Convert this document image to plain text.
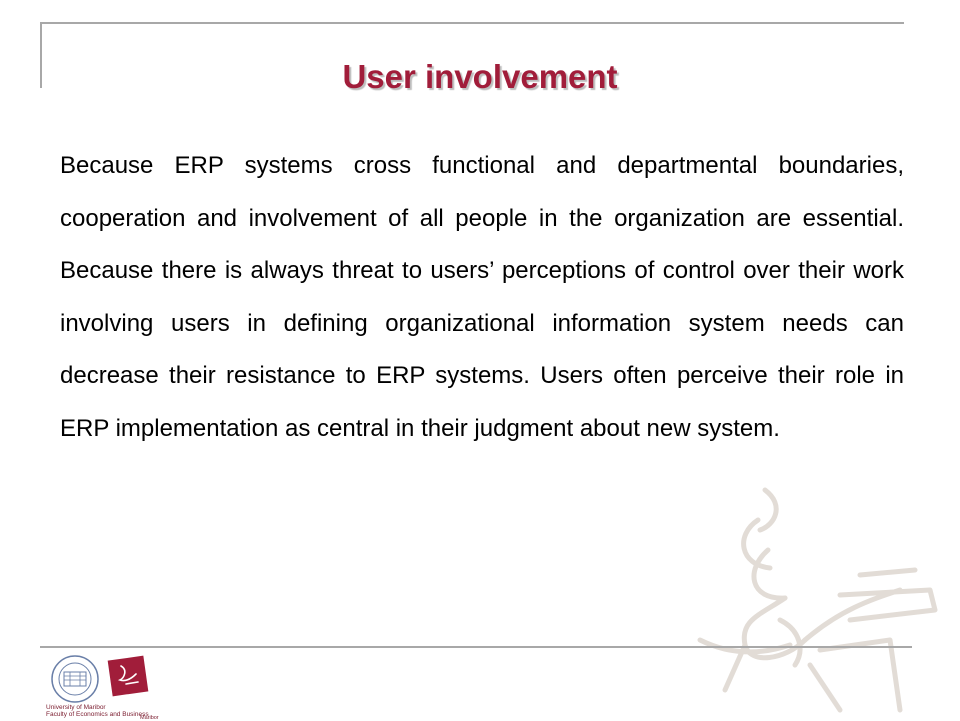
User involvement

Because ERP systems cross functional and departmental boundaries, cooperation and involvement of all people in the organization are essential. Because there is always threat to users’ perceptions of control over their work involving users in defining organizational information system needs can decrease their resistance to ERP systems. Users often perceive their role in ERP implementation as central in their judgment about new system.

University of Maribor
Faculty of Economics and Business
Maribor
